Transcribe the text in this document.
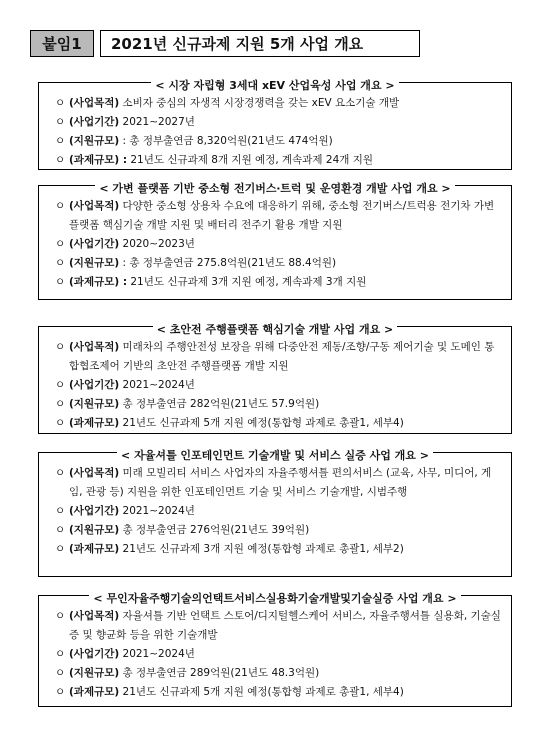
붙임1	2021년 신규과제 지원 5개 사업 개요
< 시장 자립형 3세대 xEV 산업육성 사업 개요 >
ㅇ (사업목적) 소비자 중심의 자생적 시장경쟁력을 갖는 xEV 요소기술 개발
ㅇ (사업기간) 2021∼2027년
ㅇ (지원규모) : 총 정부출연금 8,320억원(21년도 474억원)
ㅇ (과제규모) : 21년도 신규과제 8개 지원 예정, 계속과제 24개 지원
< 가변 플랫폼 기반 중소형 전기버스‧트럭 및 운영환경 개발 사업 개요 >
ㅇ (사업목적) 다양한 중소형 상용차 수요에 대응하기 위해, 중소형 전기버스/트럭용 전기차 가변 플랫폼 핵심기술 개발 지원 및 배터리 전주기 활용 개발 지원
ㅇ (사업기간) 2020∼2023년
ㅇ (지원규모) : 총 정부출연금 275.8억원(21년도 88.4억원)
ㅇ (과제규모) : 21년도 신규과제 3개 지원 예정, 계속과제 3개 지원
< 초안전 주행플랫폼 핵심기술 개발 사업 개요 >
ㅇ (사업목적) 미래차의 주행안전성 보장을 위해 다중안전 제동/조향/구동 제어기술 및 도메인 통합협조제어 기반의 초안전 주행플랫폼 개발 지원
ㅇ (사업기간) 2021∼2024년
ㅇ (지원규모) 총 정부출연금 282억원(21년도 57.9억원)
ㅇ (과제규모) 21년도 신규과제 5개 지원 예정(통합형 과제로 총괄1, 세부4)
< 자율셔틀 인포테인먼트 기술개발 및 서비스 실증 사업 개요 >
ㅇ (사업목적) 미래 모빌리티 서비스 사업자의 자율주행셔틀 편의서비스 (교육, 사무, 미디어, 게임, 관광 등) 지원을 위한 인포테인먼트 기술 및 서비스 기술개발, 시범주행
ㅇ (사업기간) 2021∼2024년
ㅇ (지원규모) 총 정부출연금 276억원(21년도 39억원)
ㅇ (과제규모) 21년도 신규과제 3개 지원 예정(통합형 과제로 총괄1, 세부2)
< 무인자율주행기술의언택트서비스실용화기술개발및기술실증 사업 개요 >
ㅇ (사업목적) 자율셔틀 기반 언택트 스토어/디지털헬스케어 서비스, 자율주행셔틀 실용화, 기술실증 및 향균화 등을 위한 기술개발
ㅇ (사업기간) 2021∼2024년
ㅇ (지원규모) 총 정부출연금 289억원(21년도 48.3억원)
ㅇ (과제규모) 21년도 신규과제 5개 지원 예정(통합형 과제로 총괄1, 세부4)
